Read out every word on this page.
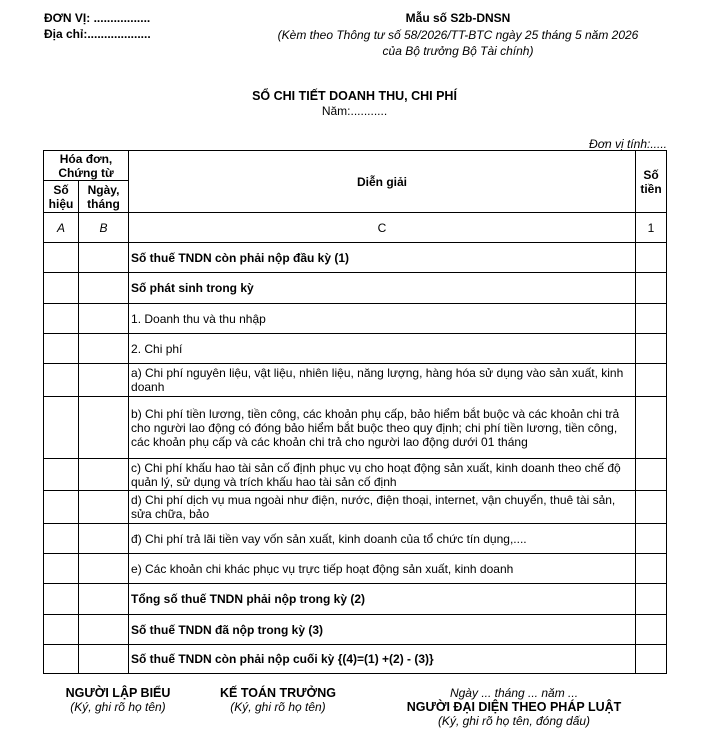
ĐƠN VỊ: .................
Địa chỉ:...................
Mẫu số S2b-DNSN
(Kèm theo Thông tư số 58/2026/TT-BTC ngày 25 tháng 5 năm 2026
của Bộ trưởng Bộ Tài chính)
SỔ CHI TIẾT DOANH THU, CHI PHÍ
Năm:...........
Đơn vị tính:.....
Hóa đơn, Chứng từ		Diễn giải	Số tiền
Số hiệu	Ngày, tháng		
A	B	C	1
		Số thuế TNDN còn phải nộp đầu kỳ (1)	
		Số phát sinh trong kỳ	
		1. Doanh thu và thu nhập	
		2. Chi phí	
		a) Chi phí nguyên liệu, vật liệu, nhiên liệu, năng lượng, hàng hóa sử dụng vào sản xuất, kinh doanh	
		b) Chi phí tiền lương, tiền công, các khoản phụ cấp, bảo hiểm bắt buộc và các khoản chi trả cho người lao động có đóng bảo hiểm bắt buộc theo quy định; chi phí tiền lương, tiền công, các khoản phụ cấp và các khoản chi trả cho người lao động dưới 01 tháng	
		c) Chi phí khấu hao tài sản cố định phục vụ cho hoạt động sản xuất, kinh doanh theo chế độ quản lý, sử dụng và trích khấu hao tài sản cố định	
		d) Chi phí dịch vụ mua ngoài như điện, nước, điện thoại, internet, vận chuyển, thuê tài sản, sửa chữa, bảo	
		đ) Chi phí trả lãi tiền vay vốn sản xuất, kinh doanh của tổ chức tín dụng,....	
		e) Các khoản chi khác phục vụ trực tiếp hoạt động sản xuất, kinh doanh	
		Tổng số thuế TNDN phải nộp trong kỳ (2)	
		Số thuế TNDN đã nộp trong kỳ (3)	
		Số thuế TNDN còn phải nộp cuối kỳ {(4)=(1) +(2) - (3)}	
NGƯỜI LẬP BIỂU
(Ký, ghi rõ họ tên)
KẾ TOÁN TRƯỞNG
(Ký, ghi rõ họ tên)
Ngày ... tháng ... năm ...
NGƯỜI ĐẠI DIỆN THEO PHÁP LUẬT
(Ký, ghi rõ họ tên, đóng dấu)
